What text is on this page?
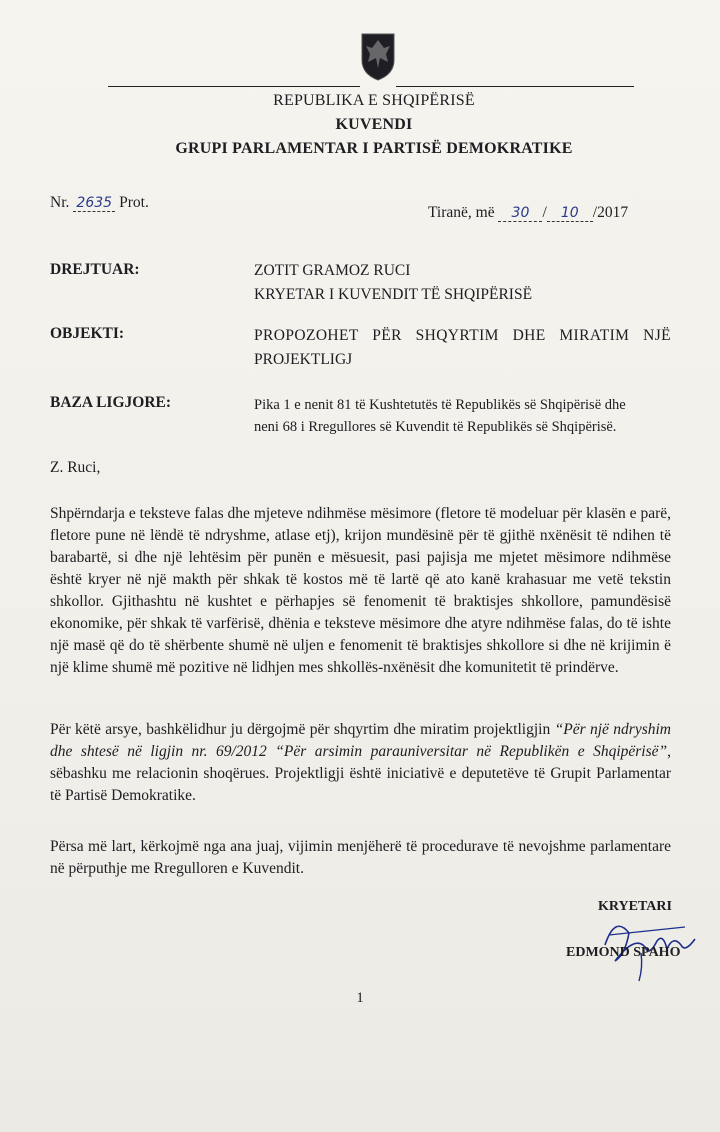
REPUBLIKA E SHQIPËRISË
KUVENDI
GRUPI PARLAMENTAR I PARTISË DEMOKRATIKE
Nr. 2635 Prot.
Tiranë, më 30 / 10 /2017
DREJTUAR:	ZOTIT GRAMOZ RUCI
KRYETAR I KUVENDIT TË SHQIPËRISË
OBJEKTI:	PROPOZOHET PËR SHQYRTIM DHE MIRATIM NJË
PROJEKTLIGJ
BAZA LIGJORE:	Pika 1 e nenit 81 të Kushtetutës të Republikës së Shqipërisë dhe
neni 68 i Rregullores së Kuvendit të Republikës së Shqipërisë.
Z. Ruci,
Shpërndarja e teksteve falas dhe mjeteve ndihmëse mësimore (fletore të modeluar për klasën e parë, fletore pune në lëndë të ndryshme, atlase etj), krijon mundësinë për të gjithë nxënësit të ndihen të barabartë, si dhe një lehtësim për punën e mësuesit, pasi pajisja me mjetet mësimore ndihmëse është kryer në një makth për shkak të kostos më të lartë që ato kanë krahasuar me vetë tekstin shkollor. Gjithashtu në kushtet e përhapjes së fenomenit të braktisjes shkollore, pamundësisë ekonomike, për shkak të varfërisë, dhënia e teksteve mësimore dhe atyre ndihmëse falas, do të ishte një masë që do të shërbente shumë në uljen e fenomenit të braktisjes shkollore si dhe në krijimin ë një klime shumë më pozitive në lidhjen mes shkollës-nxënësit dhe komunitetit të prindërve.
Për këtë arsye, bashkëlidhur ju dërgojmë për shqyrtim dhe miratim projektligjin “Për një ndryshim dhe shtesë në ligjin nr. 69/2012 “Për arsimin parauniversitar në Republikën e Shqipërisë”, sëbashku me relacionin shoqërues. Projektligji është iniciativë e deputetëve të Grupit Parlamentar të Partisë Demokratike.
Përsa më lart, kërkojmë nga ana juaj, vijimin menjëherë të procedurave të nevojshme parlamentare në përputhje me Rregulloren e Kuvendit.
KRYETARI
EDMOND SPAHO
1
